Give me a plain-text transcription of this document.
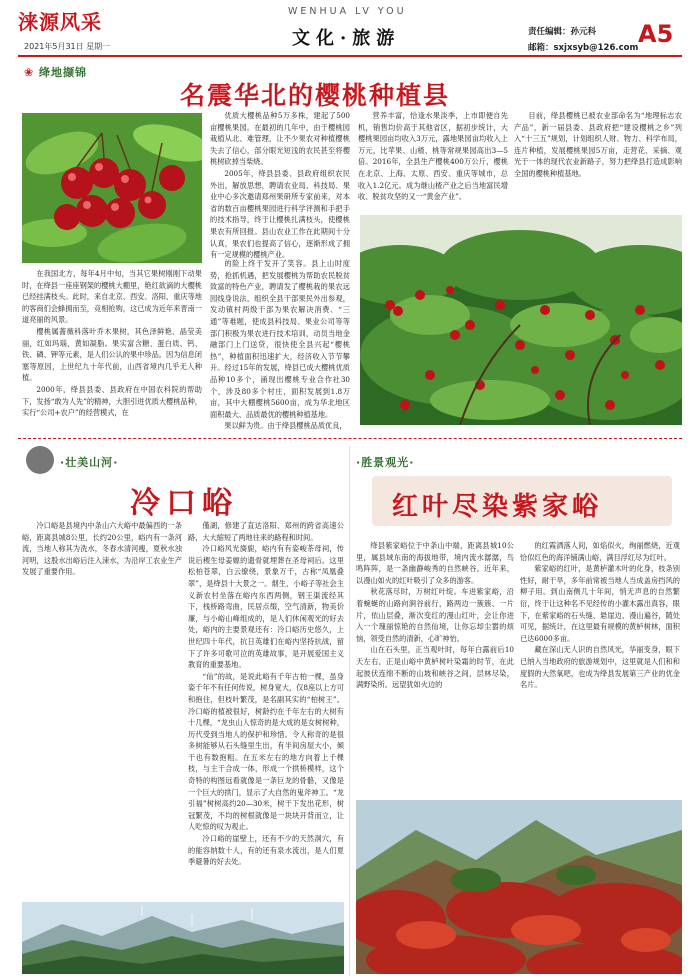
涞源风采
2021年5月31日 星期一
WENHUA LV YOU
文化·旅游	责任编辑：孙元科
邮箱：sxjxsyb@126.com A5
❀ 绛地撷锦
名震华北的樱桃种植县

在我国北方，每年4月中旬，当其它果树刚刚下动果时，在绛县一座座钢架的樱桃大棚里，艳红欲滴的大樱桃已经挂满枝头。此时，来自北京、西安、洛阳、重庆等地的客商们会蜂拥而至，竞相抢购，这已成为近年来晋南一道亮丽的风景。

樱桃属蔷薇科落叶乔木果树，其色泽鲜艳、晶莹美丽，红如玛瑙，黄如凝脂。果实富含糖、蛋白质、钙、铁、磷、钾等元素，是人们公认的果中珍品。因为信息闭塞等原因，上世纪九十年代前，山西省境内几乎无人种植。

2000年，绛县县委、县政府在中国农科院的帮助下，发扬“敢为人先”的精神，大胆引进优质大樱桃品种，实行“公司+农户”的经营模式，在

优质大樱桃品种5万多株，建起了500亩樱桃果园。在最初的几年中，由于樱桃园栽植从北、难管理，让不少果农对种植樱桃失去了信心，部分眼光短浅的农民甚至将樱桃树砍掉当柴烧。

2005年，绛县县委、县政府组织农民外出，解放思想，聘请农业局、科技局、果业中心多次邀请郑州果研所专家前来，对本省的数百亩樱桃果园进行科学评测和手把手的技术指导，终于让樱桃扎满枝头，使樱桃果农有所回报。县山农业工作在此期间十分认真，果农们也提高了信心，逐渐形成了拥有一定规模的樱桃产业。

的险上终于发开了笑容。县上山时度势，抢抓机遇，把发展樱桃为帮助农民脱贫致富的特色产业，聘请发了樱桃栽的果农远园线身说法，组织全县干部果民外出参观，发动镇村两级干部为果农解决消费、“三通”等难题，使成县科技局、果业公司等等部门积极为果农进行技术培训，动员当地金融部门上门送贷，很快使全县兴起“樱桃热”，种植面积迅速扩大，经济收入节节攀升。经过15年的发展，绛县已成大樱桃优质品种10多个，涌现出樱桃专业合作社30个，涉及80多个村庄，面积发展到1.8万亩，其中大棚樱桃5600亩，成为华北地区面积最大、品质最优的樱桃种植基地。

果以鲜为贵。由于绛县樱桃品质优良，

营养丰富，恰逢水果淡季，上市即便自先机，销售均价高于其他省区，据初步统计，大樱桃果园亩均收入3万元，露地果园亩均收入上万元，比苹果、山楂、桃等常规果园高出3—5倍。2016年，全县生产樱桃400万公斤，樱桃在北京、上海、太原、西安、重庆等城市，总收入1.2亿元。成为继山楂产业之后当地富民增收、脱贫攻坚的又一“黄金产业”。

目前，绛县樱桃已被农业部命名为“地理标志农产品”，新一届县委、县政府把“建设樱桃之乡”列入“十三五”规划，计划组织人财、物力、科学布局，连片种植，发展樱桃果园5万亩，走营花、采摘、观光于一体的现代农业新路子，努力把绛县打造成影响全国的樱桃种植基地。

·壮美山河·
冷口峪

冷口峪是县境内中条山六大峪中最偏西的一条峪，距离县城8公里，长约20公里，峪内有一条河流，当地人称其为洗水，冬春水清河瘦，夏秋水浊河明，这股水出峪后注入涑水，为沿岸工农业生产发展了重要作用。

僅湖，修建了直达洛阳、郑州的跨省高速公路，大大缩短了两地往来的路程和时间。

冷口峪风光旖旎，峪内有有姿峻茶母祠，传说后稷生母姜嫄的遗骨就埋葬在圣母祠后。这里松柏苍翠，白云缭绕，景象万千，古称“凤凰叠翠”，是绛县十大景之一。烟生、小峪子等社会主义新农村坐落在峪内东西两侧，钢王渠流经其下，栈桥路弯曲，民居点缀，空气清新，物美价廉，与小峪山峰组成的，是人们休闲观光的好去处，峪内的主要景观还有：冷口峪历史悠久，上世纪四十年代，抗日英雄们在峪内坚持抗战，留下了许多可歌可泣的英雄故事，是开展爱国主义教育的重要基地。

“仙”的故，是说此峪有千年古柏一棵，虽身姿千年不有任何传说，树身宽大，仅8座以上方可和抱住，但枝叶繁茂，是名副其实的“柏树王”。冷口峪的植被很好，树龄约在千年左右的大树有十几棵，“龙虫山人惊奇的是大成的是女树树种，历代受到当地人的保护和珍惜。令人称奇的是很多树能够从石头缝里生出，有半间房屋大小，倾干也有数抱粗。在五米左右的地方向着上千棵枝，与主干合成一体，形成一个拱桥模样，这个奇特的构图远看就像是一条巨龙的骨骼，又像是一个巨大的拱门，显示了大自然的鬼斧神工。“龙引福”树树高约20—30米，树干下发出花形，树冠繁茂，不均的树根就像是一块块开背而立，让人吃惊的叹为观止。

冷口峪的崖壁上，还有不少的天然洞穴，有的能容纳数十人，有的还有泉水流出，是人们夏季避暑的好去处。

·胜景观光·
红叶尽染紫家峪

绛县紫家峪位于中条山中端，距离县城10公里，属县域东南的海拔地带，境内流水潺潺，鸟鸣阵阵，是一条幽静峻秀的自然峡谷。近年来，以漫山如火的红叶吸引了众多的游客。

秋花落尽时，万树红叶绽。车进紫家峪，沿着蜿蜒的山路向涧谷前行，路两边一簇簇、一片片，依山层叠，渐次变红的漫山红叶，会让你进入一个瑰丽惊艳的自然仙境，让你忘却尘嚣的烦恼，领受自然的清新，心旷神怡。

山在石头里，正当观叶时，每年白露前后10天左右，正是山峪中黄栌树叶染霜的时节，在此起彼伏连绵不断的山坡和峡谷之间，层林尽染，满野染所。远望犹如火边的

的红霞洒落人间，如焰似火，绚丽燃烧，近观恰似红色的海洋铺满山峪，满目浮红尽为红叶。

紫家峪的红叶，是黄栌灌木叶的化身，枝条别性好，耐干旱，多年前常被当地人当成盖房挡风的柳子用。到山南侧几十年间，悄无声息的自然繁衍，终于让这种名不见经传的小灌木露出真容，眼下，在紫家峪的石头缝、悬崖边、漫山遍谷，随处可见，据统计，在这里最有规模的黄栌树林，面积已达6000多亩。

藏在深山无人识的自然风光，华丽变身，眼下已纳入当地政府的旅游规划中，这里就是人们和和度假的大然氧吧，也成为绛县发展第三产业的优金名片。
